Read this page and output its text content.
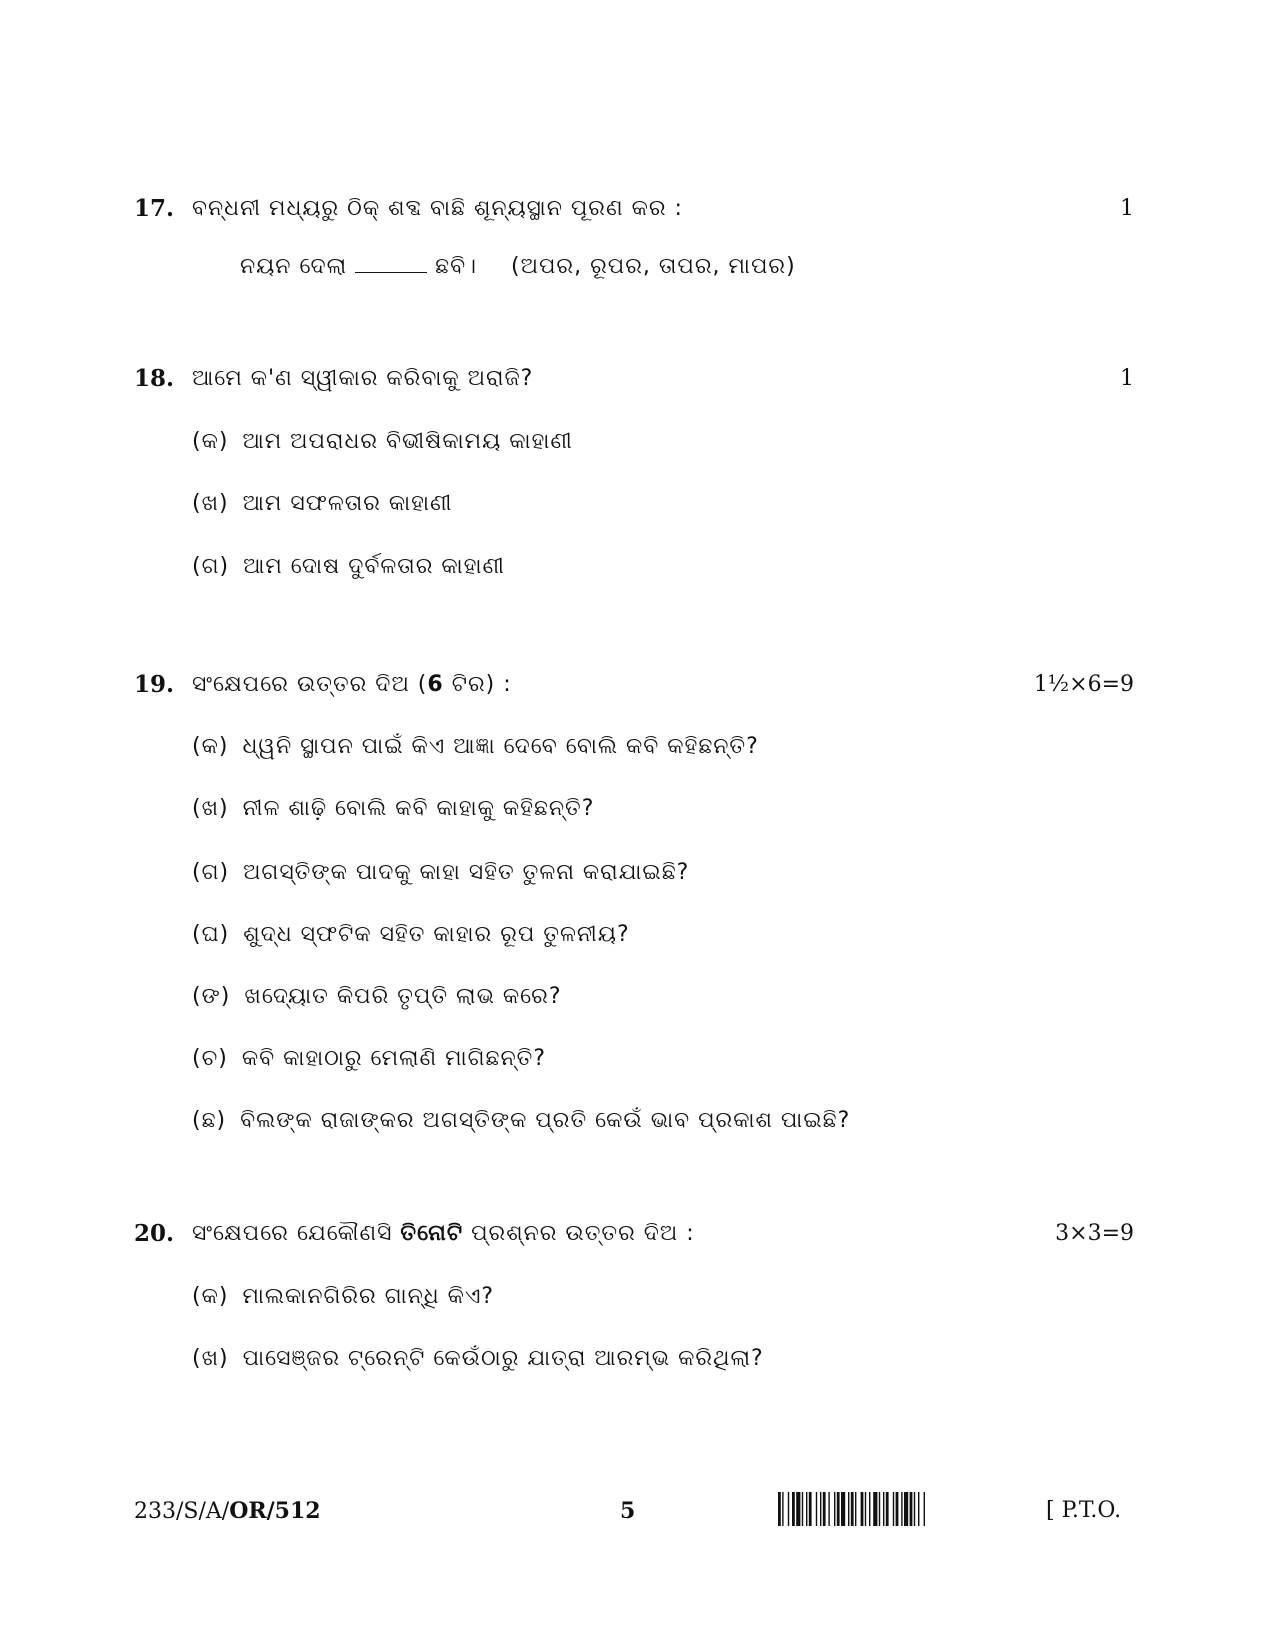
17. ବନ୍ଧନୀ ମଧ୍ୟରୁ ଠିକ୍ ଶବ୍ଦ ବାଛି ଶୂନ୍ୟସ୍ଥାନ ପୂରଣ କର :	1
ନୟନ ଦେଲା	ଛବି। (ଅପର, ରୂପର, ତାପର, ମାପର)
18. ଆମେ କ'ଣ ସ୍ୱୀକାର କରିବାକୁ ଅରାଜି?	1
(କ) ଆମ ଅପରାଧର ବିଭୀଷିକାମୟ କାହାଣୀ
(ଖ) ଆମ ସଫଳତାର କାହାଣୀ
(ଗ) ଆମ ଦୋଷ ଦୁର୍ବଳତାର କାହାଣୀ
19. ସଂକ୍ଷେପରେ ଉତ୍ତର ଦିଅ (6 ଟିର) :	1½×6=9
(କ) ଧ୍ୱନି ସ୍ଥାପନ ପାଇଁ କିଏ ଆଜ୍ଞା ଦେବେ ବୋଲି କବି କହିଛନ୍ତି?
(ଖ) ନୀଳ ଶାଢ଼ି ବୋଲି କବି କାହାକୁ କହିଛନ୍ତି?
(ଗ) ଅଗସ୍ତିଙ୍କ ପାଦକୁ କାହା ସହିତ ତୁଳନା କରାଯାଇଛି?
(ଘ) ଶୁଦ୍ଧ ସ୍ଫଟିକ ସହିତ କାହାର ରୂପ ତୁଳନୀୟ?
(ଙ) ଖଦ୍ୟୋତ କିପରି ତୃପ୍ତି ଲାଭ କରେ?
(ଚ) କବି କାହାଠାରୁ ମେଲାଣି ମାଗିଛନ୍ତି?
(ଛ) ବିଲଙ୍କ ରାଜାଙ୍କର ଅଗସ୍ତିଙ୍କ ପ୍ରତି କେଉଁ ଭାବ ପ୍ରକାଶ ପାଇଛି?
20. ସଂକ୍ଷେପରେ ଯେକୌଣସି ତିନୋଟି ପ୍ରଶ୍ନର ଉତ୍ତର ଦିଅ :	3×3=9
(କ) ମାଲକାନଗିରିର ଗାନ୍ଧି କିଏ?
(ଖ) ପାସେଞ୍ଜର ଟ୍ରେନ୍‌ଟି କେଉଁଠାରୁ ଯାତ୍ରା ଆରମ୍ଭ କରିଥିଲା?
233/S/A/OR/512	5	[ P.T.O.
